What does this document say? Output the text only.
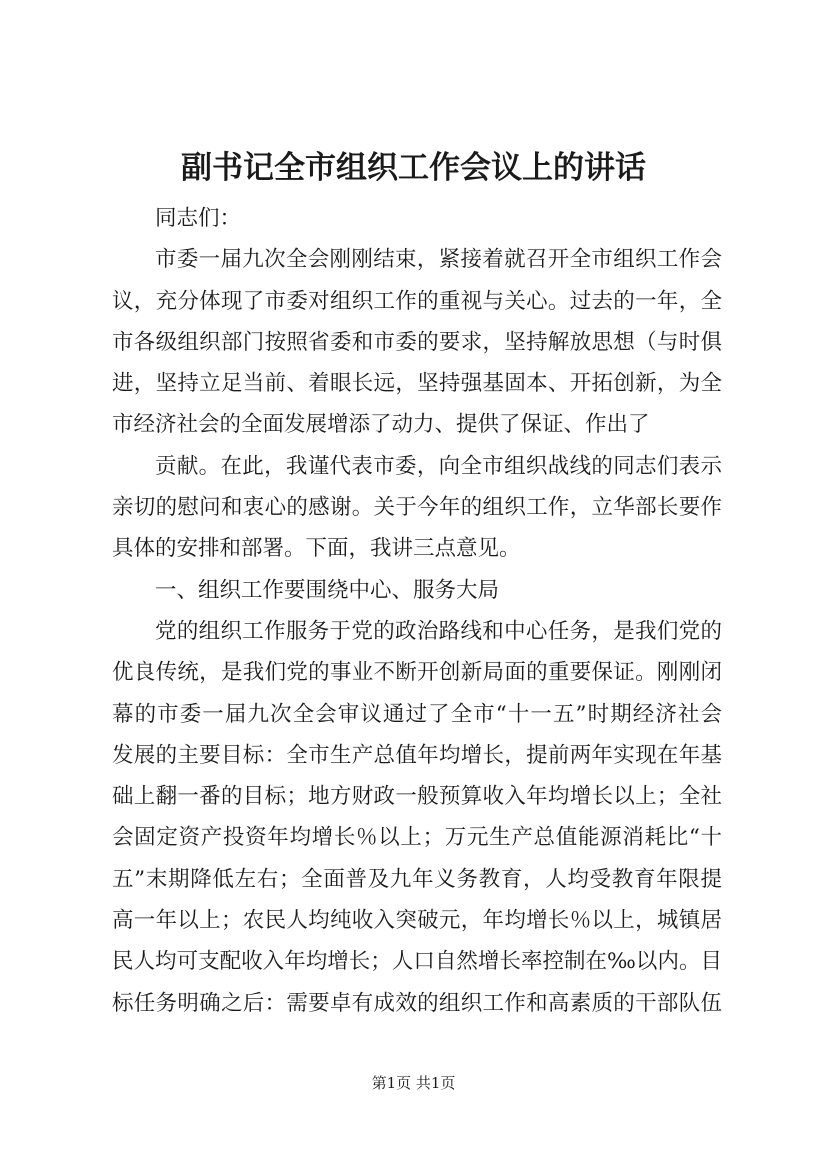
副书记全市组织工作会议上的讲话
同志们：
市委一届九次全会刚刚结束，紧接着就召开全市组织工作会
议，充分体现了市委对组织工作的重视与关心。过去的一年，全
市各级组织部门按照省委和市委的要求，坚持解放思想（与时俱
进，坚持立足当前、着眼长远，坚持强基固本、开拓创新，为全
市经济社会的全面发展增添了动力、提供了保证、作出了
贡献。在此，我谨代表市委，向全市组织战线的同志们表示
亲切的慰问和衷心的感谢。关于今年的组织工作，立华部长要作
具体的安排和部署。下面，我讲三点意见。
一、组织工作要围绕中心、服务大局
党的组织工作服务于党的政治路线和中心任务，是我们党的
优良传统，是我们党的事业不断开创新局面的重要保证。刚刚闭
幕的市委一届九次全会审议通过了全市“十一五”时期经济社会
发展的主要目标：全市生产总值年均增长，提前两年实现在年基
础上翻一番的目标；地方财政一般预算收入年均增长以上；全社
会固定资产投资年均增长％以上；万元生产总值能源消耗比“十
五”末期降低左右；全面普及九年义务教育，人均受教育年限提
高一年以上；农民人均纯收入突破元，年均增长％以上，城镇居
民人均可支配收入年均增长；人口自然增长率控制在‰以内。目
标任务明确之后：需要卓有成效的组织工作和高素质的干部队伍
第1页 共1页
